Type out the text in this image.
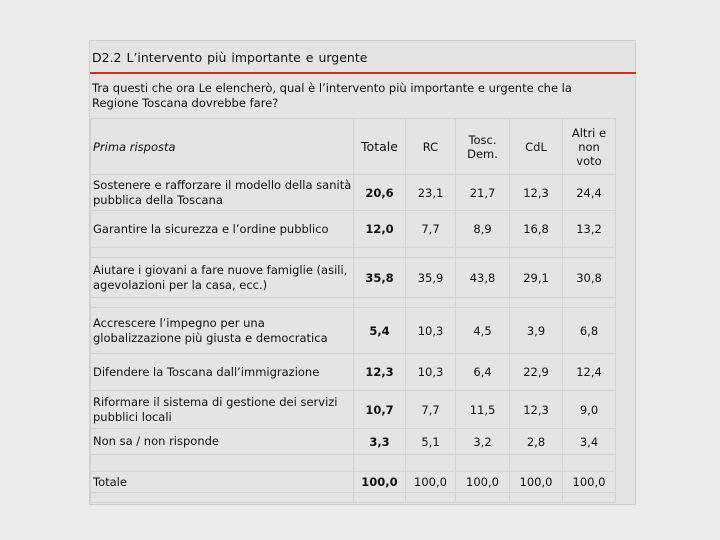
D2.2 L’intervento più importante e urgente
Tra questi che ora Le elencherò, qual è l’intervento più importante e urgente che la Regione Toscana dovrebbe fare?
Prima risposta	Totale	RC	Tosc. Dem.	CdL	Altri e non voto
Sostenere e rafforzare il modello della sanità pubblica della Toscana	20,6	23,1	21,7	12,3	24,4
Garantire la sicurezza e l’ordine pubblico	12,0	7,7	8,9	16,8	13,2

Aiutare i giovani a fare nuove famiglie (asili, agevolazioni per la casa, ecc.)	35,8	35,9	43,8	29,1	30,8

Accrescere l’impegno per una globalizzazione più giusta e democratica	5,4	10,3	4,5	3,9	6,8
Difendere la Toscana dall’immigrazione	12,3	10,3	6,4	22,9	12,4
Riformare il sistema di gestione dei servizi pubblici locali	10,7	7,7	11,5	12,3	9,0
Non sa / non risponde	3,3	5,1	3,2	2,8	3,4

Totale	100,0	100,0	100,0	100,0	100,0
